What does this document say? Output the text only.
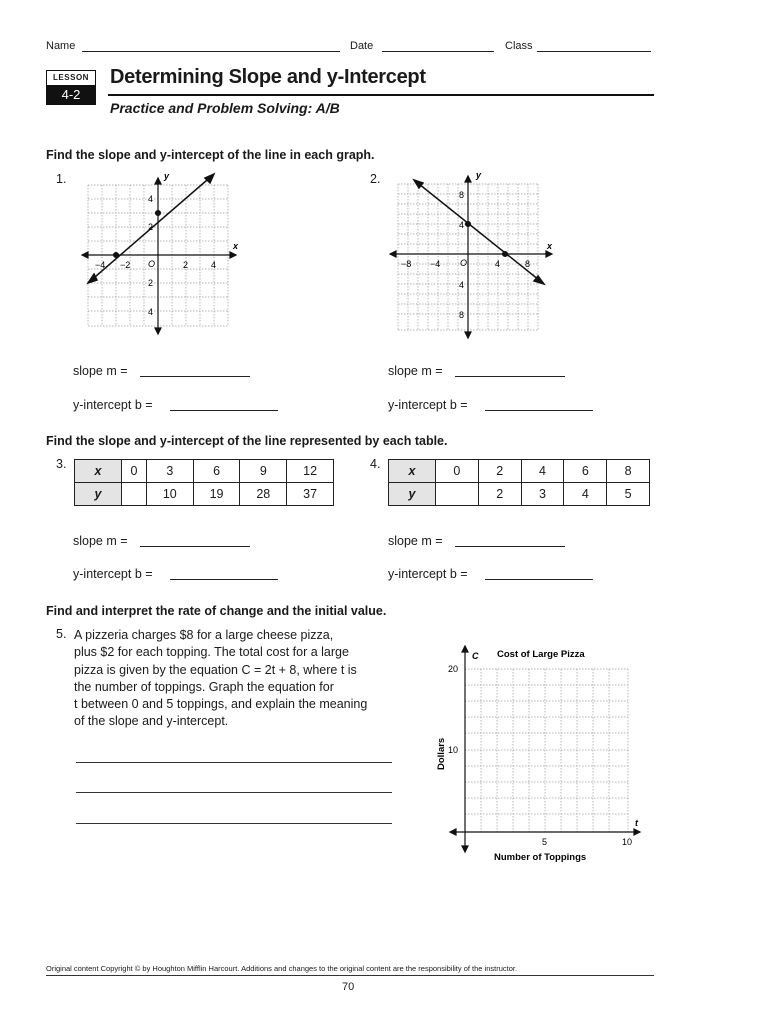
Name	Date	Class
LESSON
4-2
Determining Slope and y-Intercept
Practice and Problem Solving: A/B
Find the slope and y-intercept of the line in each graph.
1.	2.
y
x
−4 −2 O	2	4
4
2
2
4
y
x
−8 −4 O	4	8
8
4
4
8
slope m =
y-intercept b =
slope m =
y-intercept b =
Find the slope and y-intercept of the line represented by each table.
3.	4.
x	0	3	6	9	12
y		10	19	28	37
x	0	2	4	6	8
y		2	3	4	5
slope m =
y-intercept b =
slope m =
y-intercept b =
Find and interpret the rate of change and the initial value.
5. A pizzeria charges $8 for a large cheese pizza,
plus $2 for each topping. The total cost for a large
pizza is given by the equation C = 2t + 8, where t is
the number of toppings. Graph the equation for
t between 0 and 5 toppings, and explain the meaning
of the slope and y-intercept.
C Cost of Large Pizza
t
20
10
5	10
Number of Toppings
Dollars
Original content Copyright © by Houghton Mifflin Harcourt. Additions and changes to the original content are the responsibility of the instructor.
70
